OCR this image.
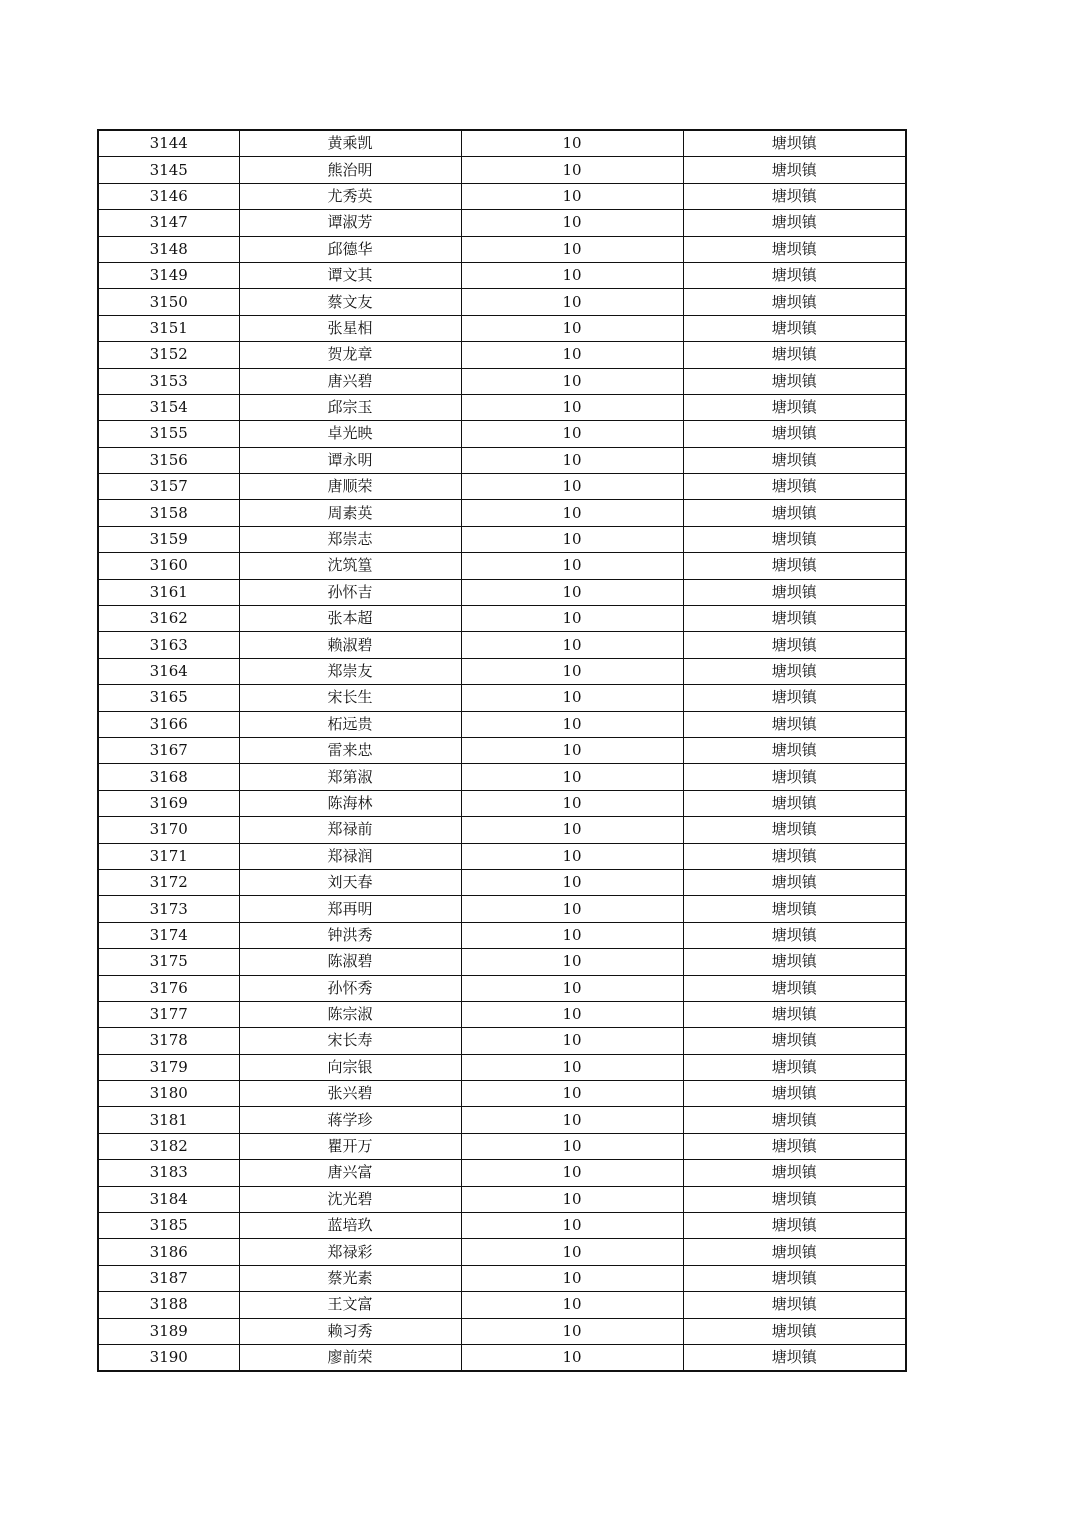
3144	黄乘凯	10	塘坝镇
3145	熊治明	10	塘坝镇
3146	尤秀英	10	塘坝镇
3147	谭淑芳	10	塘坝镇
3148	邱德华	10	塘坝镇
3149	谭文其	10	塘坝镇
3150	蔡文友	10	塘坝镇
3151	张星相	10	塘坝镇
3152	贺龙章	10	塘坝镇
3153	唐兴碧	10	塘坝镇
3154	邱宗玉	10	塘坝镇
3155	卓光映	10	塘坝镇
3156	谭永明	10	塘坝镇
3157	唐顺荣	10	塘坝镇
3158	周素英	10	塘坝镇
3159	郑崇志	10	塘坝镇
3160	沈筑篁	10	塘坝镇
3161	孙怀吉	10	塘坝镇
3162	张本超	10	塘坝镇
3163	赖淑碧	10	塘坝镇
3164	郑崇友	10	塘坝镇
3165	宋长生	10	塘坝镇
3166	柘远贵	10	塘坝镇
3167	雷来忠	10	塘坝镇
3168	郑第淑	10	塘坝镇
3169	陈海林	10	塘坝镇
3170	郑禄前	10	塘坝镇
3171	郑禄润	10	塘坝镇
3172	刘天春	10	塘坝镇
3173	郑再明	10	塘坝镇
3174	钟洪秀	10	塘坝镇
3175	陈淑碧	10	塘坝镇
3176	孙怀秀	10	塘坝镇
3177	陈宗淑	10	塘坝镇
3178	宋长寿	10	塘坝镇
3179	向宗银	10	塘坝镇
3180	张兴碧	10	塘坝镇
3181	蒋学珍	10	塘坝镇
3182	瞿开万	10	塘坝镇
3183	唐兴富	10	塘坝镇
3184	沈光碧	10	塘坝镇
3185	蓝培玖	10	塘坝镇
3186	郑禄彩	10	塘坝镇
3187	蔡光素	10	塘坝镇
3188	王文富	10	塘坝镇
3189	赖习秀	10	塘坝镇
3190	廖前荣	10	塘坝镇
